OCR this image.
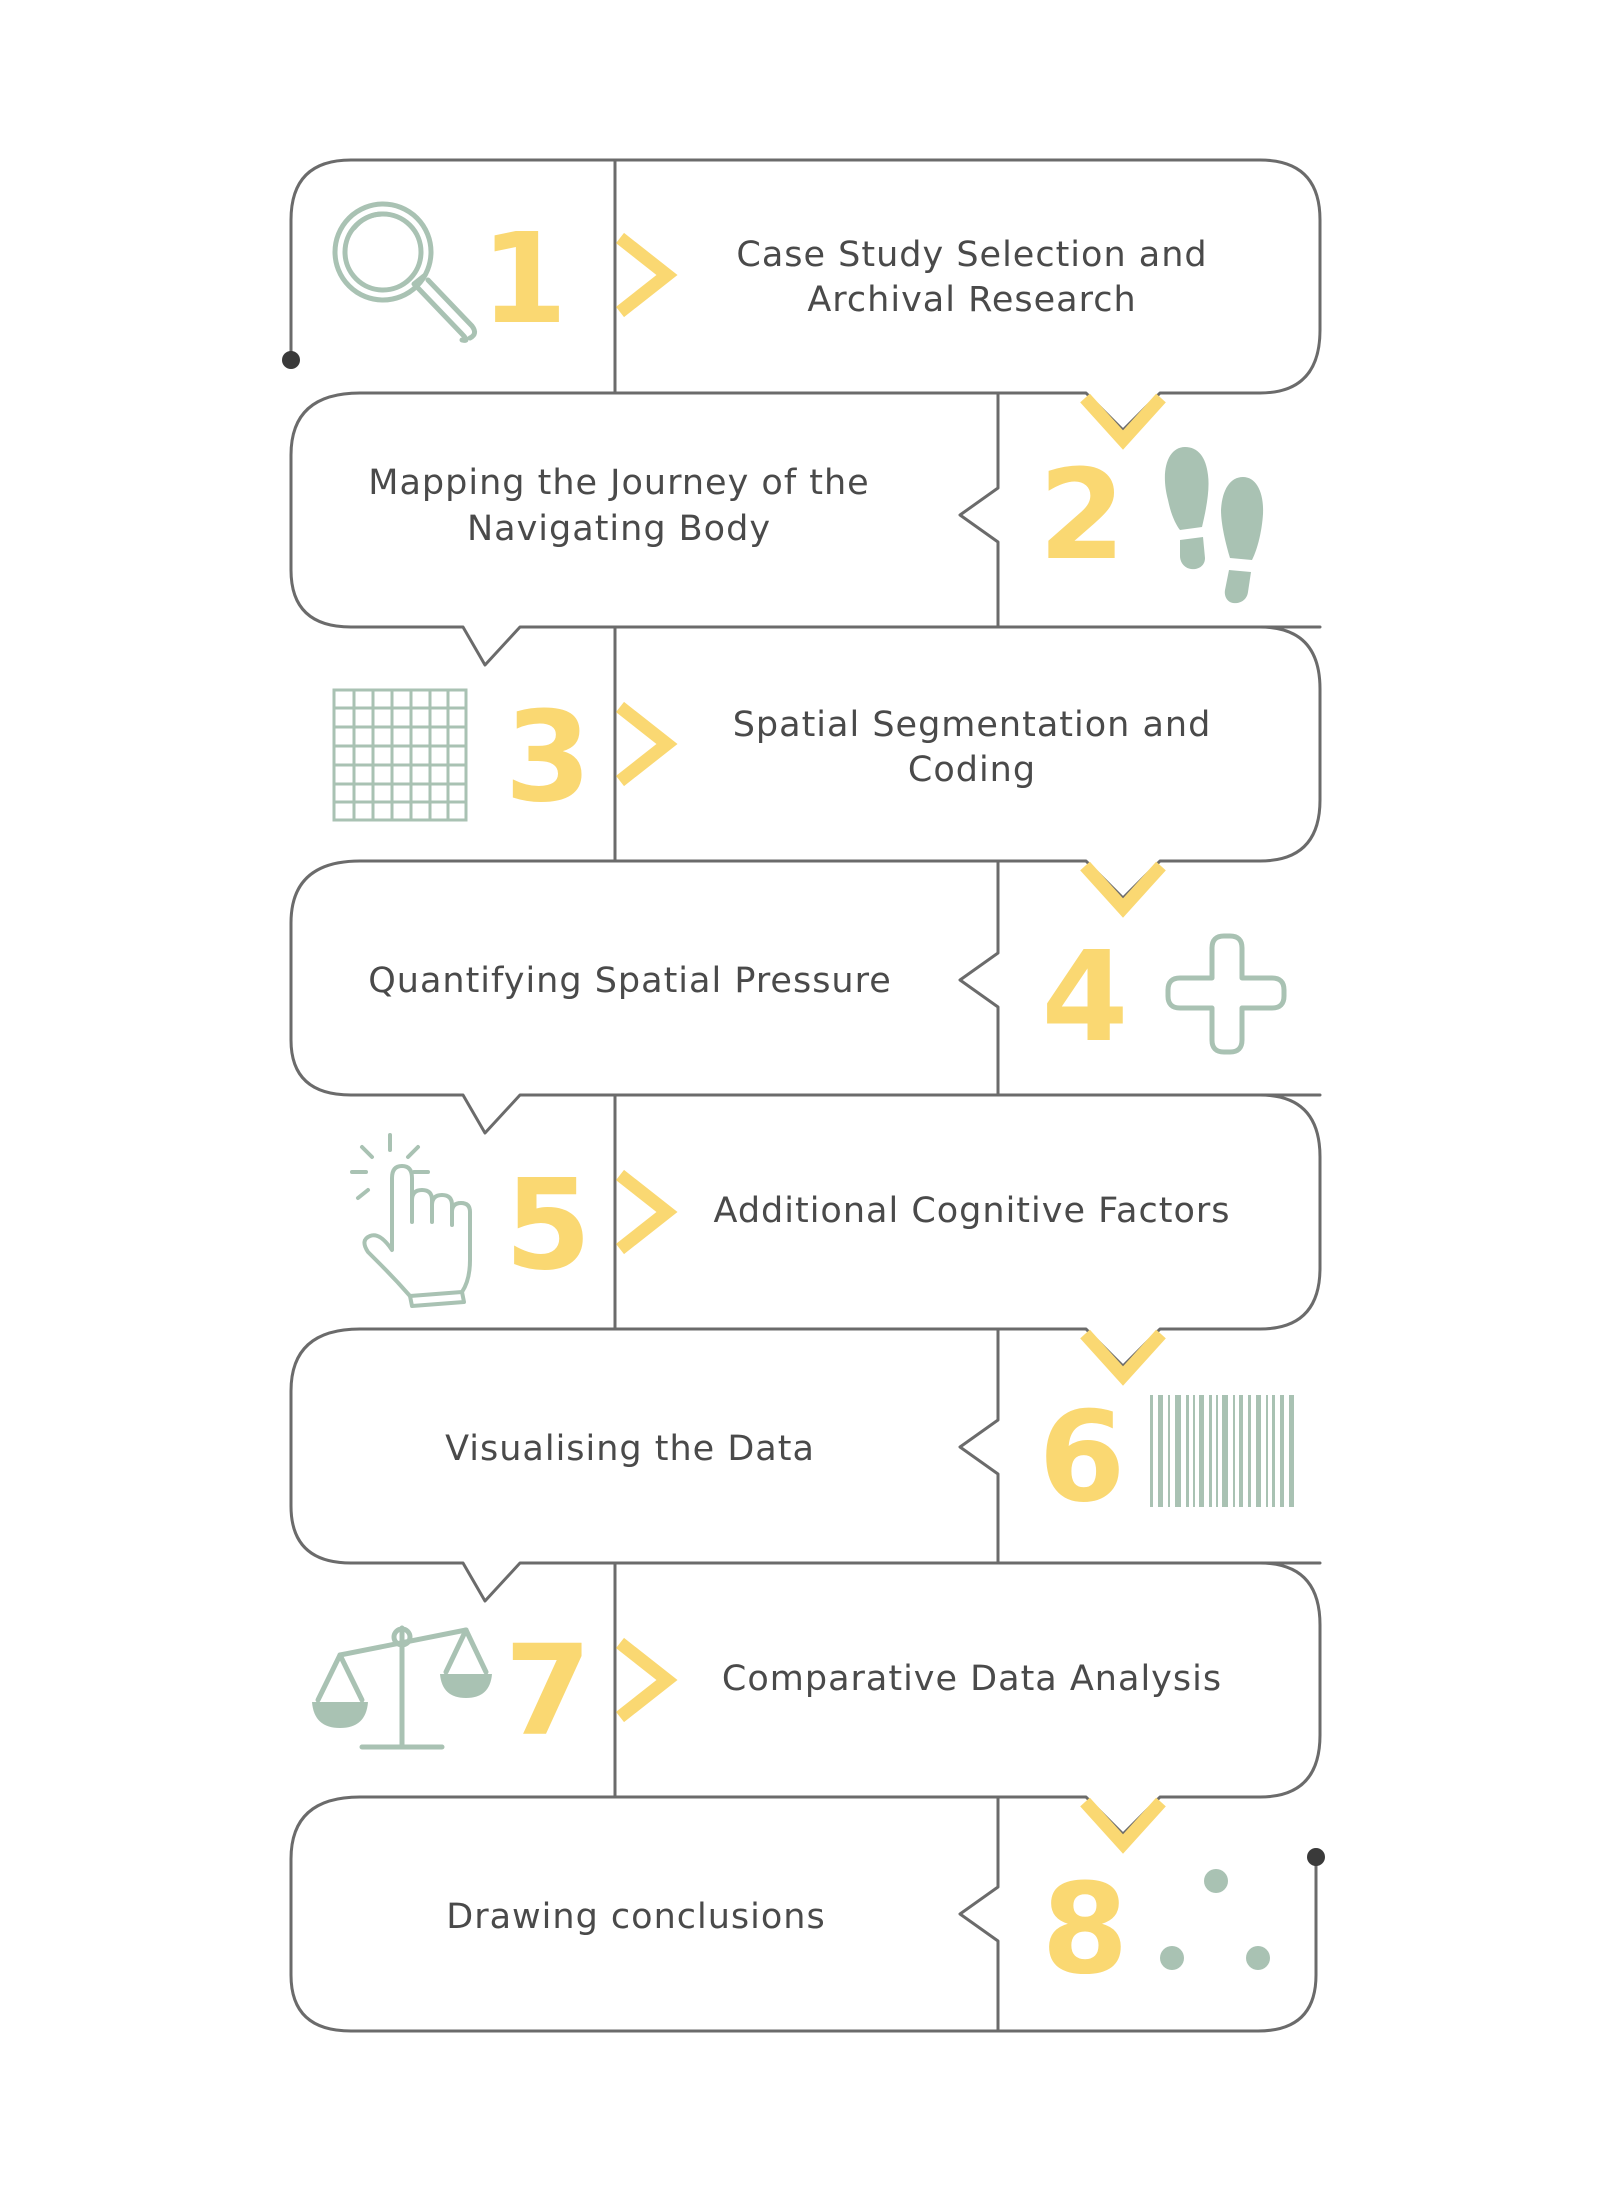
1
2
3
4
5
6
7
8
Case Study Selection and
Archival Research
Mapping the Journey of the
Navigating Body
Spatial Segmentation and
Coding
Quantifying Spatial Pressure
Additional Cognitive Factors
Visualising the Data
Comparative Data Analysis
Drawing conclusions
